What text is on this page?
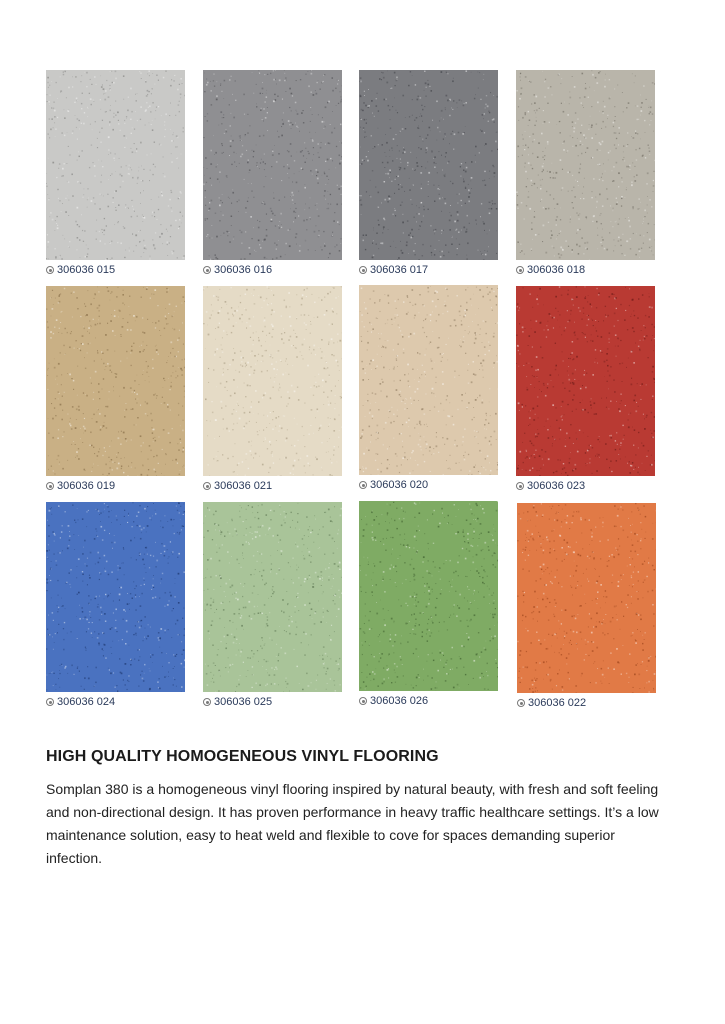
306036 015	306036 016	306036 017	306036 018
306036 019	306036 021	306036 020	306036 023
306036 024	306036 025	306036 026	306036 022
HIGH QUALITY HOMOGENEOUS VINYL FLOORING

Somplan 380 is a homogeneous vinyl flooring inspired by natural beauty, with fresh and soft feeling and non-directional design. It has proven performance in heavy traffic healthcare settings. It’s a low maintenance solution, easy to heat weld and flexible to cove for spaces demanding superior infection.
